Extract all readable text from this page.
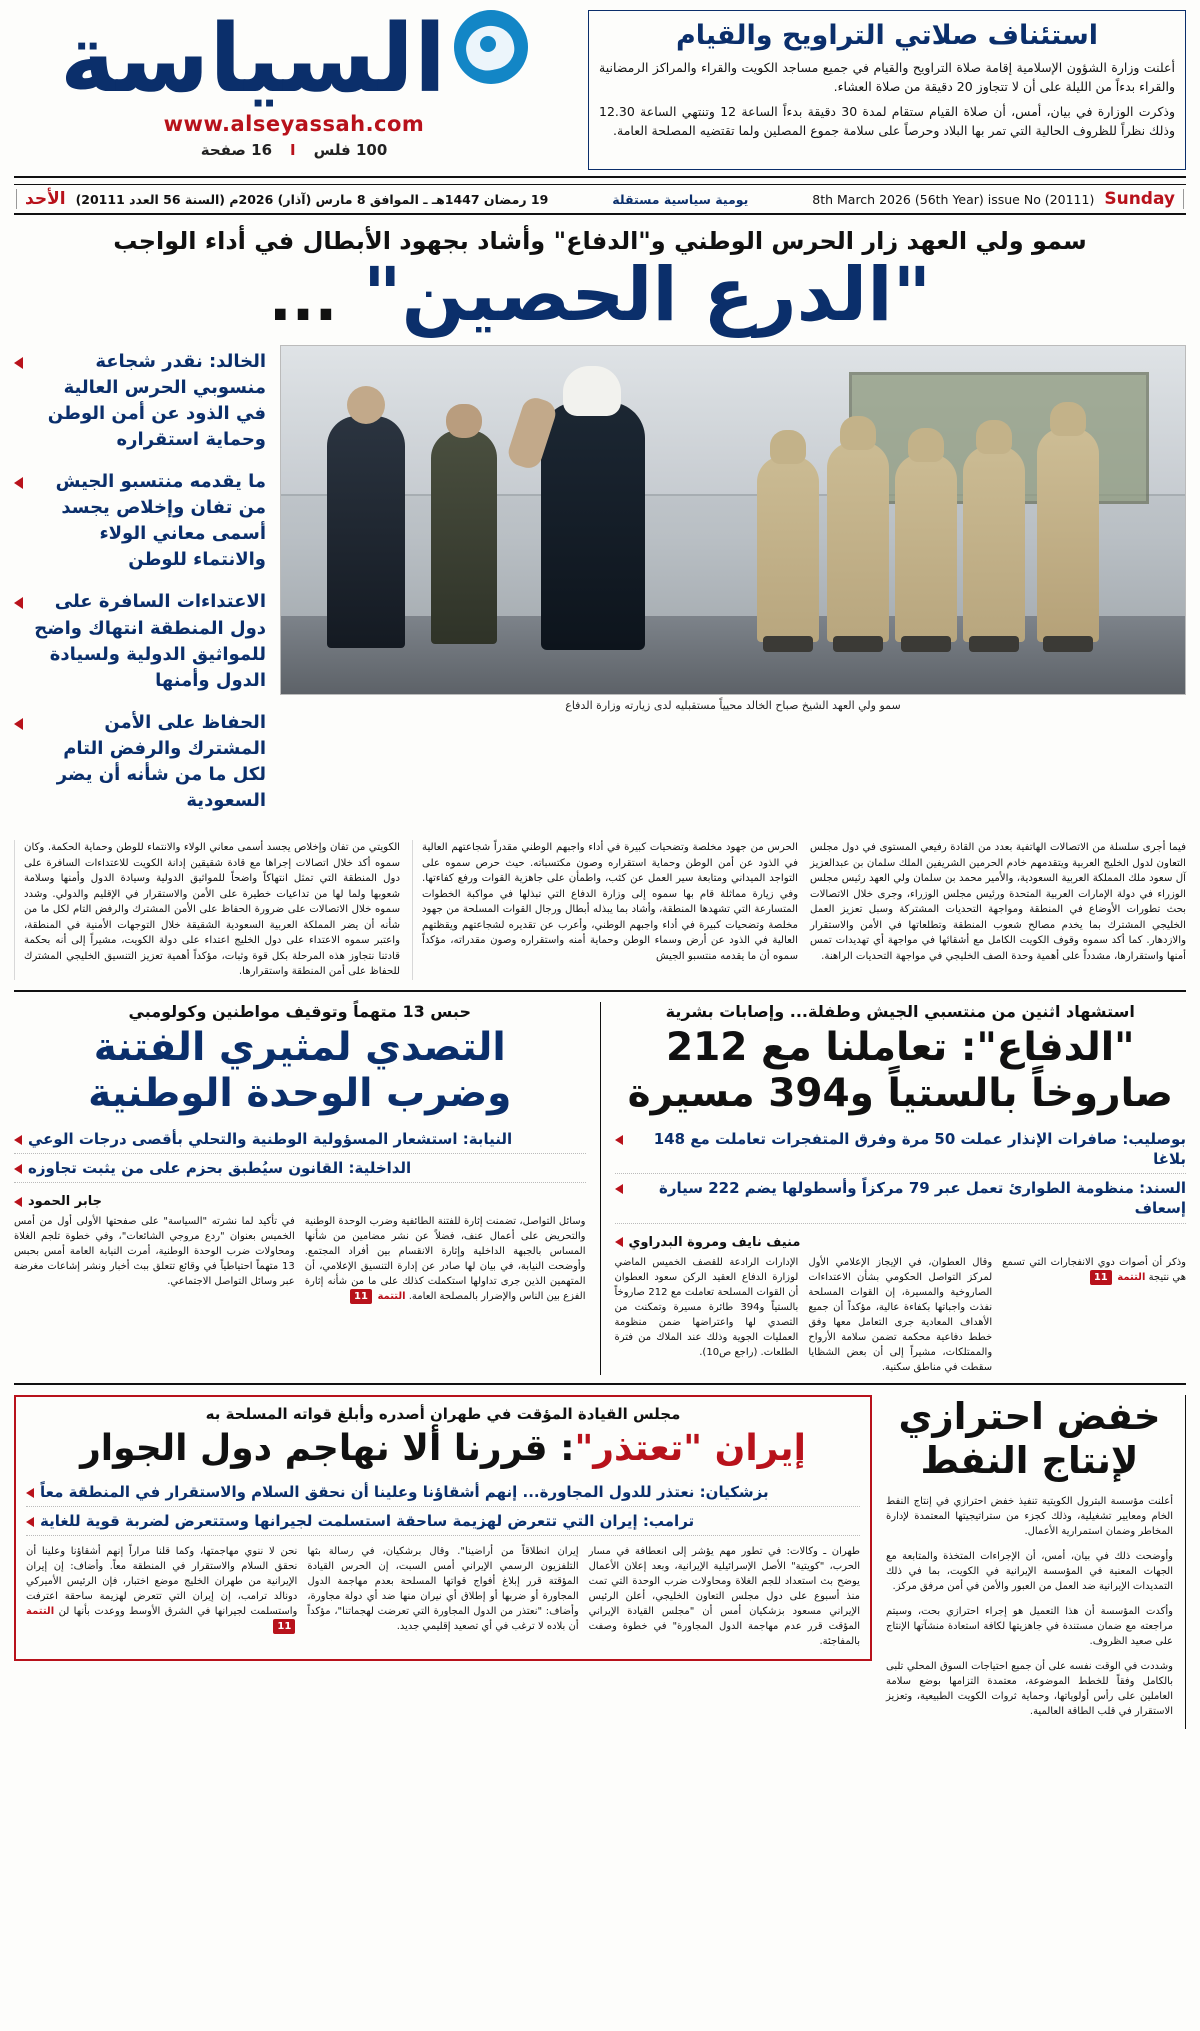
السياسة
www.alseyassah.com
16 صفحة I 100 فلس
استئناف صلاتي التراويح والقيام

أعلنت وزارة الشؤون الإسلامية إقامة صلاة التراويح والقيام في جميع مساجد الكويت والقراء والمراكز الرمضانية والقراء بدءاً من الليلة على أن لا تتجاوز 20 دقيقة من صلاة العشاء.

وذكرت الوزارة في بيان، أمس، أن صلاة القيام ستقام لمدة 30 دقيقة بدءاً الساعة 12 وتنتهي الساعة 12.30 وذلك نظراً للظروف الحالية التي تمر بها البلاد وحرصاً على سلامة جموع المصلين ولما تقتضيه المصلحة العامة.

الأحد 19 رمضان 1447هـ ـ الموافق 8 مارس (آذار) 2026م (السنة 56 العدد 20111)	يومية سياسية مستقلة	8th March 2026 (56th Year) issue No (20111) Sunday
سمو ولي العهد زار الحرس الوطني و"الدفاع" وأشاد بجهود الأبطال في أداء الواجب
"الدرع الحصين" ...
الخالد: نقدر شجاعة منسوبي الحرس العالية في الذود عن أمن الوطن وحماية استقراره
ما يقدمه منتسبو الجيش من تفان وإخلاص يجسد أسمى معاني الولاء والانتماء للوطن
الاعتداءات السافرة على دول المنطقة انتهاك واضح للمواثيق الدولية ولسيادة الدول وأمنها
الحفاظ على الأمن المشترك والرفض التام لكل ما من شأنه أن يضر السعودية
سمو ولي العهد الشيخ صباح الخالد محيياً مستقبليه لدى زيارته وزارة الدفاع
الكويتي من تفان وإخلاص يجسد أسمى معاني الولاء والانتماء للوطن وحماية الحكمة. وكان سموه أكد خلال اتصالات إجراها مع قادة شقيقين إدانة الكويت للاعتداءات السافرة على دول المنطقة التي تمثل انتهاكاً واضحاً للمواثيق الدولية وسيادة الدول وأمنها وسلامة شعوبها ولما لها من تداعيات خطيرة على الأمن والاستقرار في الإقليم والدولي. وشدد سموه خلال الاتصالات على ضرورة الحفاظ على الأمن المشترك والرفض التام لكل ما من شأنه أن يضر المملكة العربية السعودية الشقيقة خلال التوجهات الأمنية في المنطقة، واعتبر سموه الاعتداء على دول الخليج اعتداء على دولة الكويت، مشيراً إلى أنه بحكمة قادتنا نتجاوز هذه المرحلة بكل قوة وثبات، مؤكداً أهمية تعزيز التنسيق الخليجي المشترك للحفاظ على أمن المنطقة واستقرارها.
الحرس من جهود مخلصة وتضحيات كبيرة في أداء واجبهم الوطني مقدراً شجاعتهم العالية في الذود عن أمن الوطن وحماية استقراره وصون مكتسباته. حيث حرص سموه على التواجد الميداني ومتابعة سير العمل عن كثب، واطمأن على جاهزية القوات ورفع كفاءتها. وفي زيارة مماثلة قام بها سموه إلى وزارة الدفاع التي تبذلها في مواكبة الخطوات المتسارعة التي تشهدها المنطقة، وأشاد بما يبذله أبطال ورجال القوات المسلحة من جهود مخلصة وتضحيات كبيرة في أداء واجبهم الوطني، وأعرب عن تقديره لشجاعتهم ويقظتهم العالية في الذود عن أرض وسماء الوطن وحماية أمنه واستقراره وصون مقدراته، مؤكداً سموه أن ما يقدمه منتسبو الجيش
فيما أجرى سلسلة من الاتصالات الهاتفية بعدد من القادة رفيعي المستوى في دول مجلس التعاون لدول الخليج العربية ويتقدمهم خادم الحرمين الشريفين الملك سلمان بن عبدالعزيز آل سعود ملك المملكة العربية السعودية، والأمير محمد بن سلمان ولي العهد رئيس مجلس الوزراء في دولة الإمارات العربية المتحدة ورئيس مجلس الوزراء، وجرى خلال الاتصالات بحث تطورات الأوضاع في المنطقة ومواجهة التحديات المشتركة وسبل تعزيز العمل الخليجي المشترك بما يخدم مصالح شعوب المنطقة وتطلعاتها في الأمن والاستقرار والازدهار. كما أكد سموه وقوف الكويت الكامل مع أشقائها في مواجهة أي تهديدات تمس أمنها واستقرارها، مشدداً على أهمية وحدة الصف الخليجي في مواجهة التحديات الراهنة.
حبس 13 متهماً وتوقيف مواطنين وكولومبي
التصدي لمثيري الفتنة
وضرب الوحدة الوطنية
النيابة: استشعار المسؤولية الوطنية والتحلي بأقصى درجات الوعي
الداخلية: القانون سيُطبق بحزم على من يثبت تجاوزه
جابر الحمود
في تأكيد لما نشرته "السياسة" على صفحتها الأولى أول من أمس الخميس بعنوان "ردع مروجي الشائعات"، وفي خطوة تلجم الغلاة ومحاولات ضرب الوحدة الوطنية، أمرت النيابة العامة أمس بحبس 13 متهماً احتياطياً في وقائع تتعلق ببث أخبار ونشر إشاعات مغرضة عبر وسائل التواصل الاجتماعي.
وسائل التواصل، تضمنت إثارة للفتنة الطائفية وضرب الوحدة الوطنية والتحريض على أعمال عنف، فضلاً عن نشر مضامين من شأنها المساس بالجبهة الداخلية وإثارة الانقسام بين أفراد المجتمع. وأوضحت النيابة، في بيان لها صادر عن إدارة التنسيق الإعلامي، أن المتهمين الذين جرى تداولها استكملت كذلك على ما من شأنه إثارة الفزع بين الناس والإضرار بالمصلحة العامة. التتمة 11
استشهاد اثنين من منتسبي الجيش وطفلة... وإصابات بشرية
"الدفاع": تعاملنا مع 212
صاروخاً بالستياً و394 مسيرة
بوصليب: صافرات الإنذار عملت 50 مرة وفرق المتفجرات تعاملت مع 148 بلاغا
السند: منظومة الطوارئ تعمل عبر 79 مركزاً وأسطولها يضم 222 سيارة إسعاف
منيف نايف ومروة البدراوي
الإدارات الرادعة للقصف الخميس الماضي لوزارة الدفاع العقيد الركن سعود العطوان أن القوات المسلحة تعاملت مع 212 صاروخاً بالستياً و394 طائرة مسيرة وتمكنت من التصدي لها واعتراضها ضمن منظومة العمليات الجوية وذلك عند الملاك من فترة الطلعات. (راجع ص10).
وقال العطوان، في الإيجاز الإعلامي الأول لمركز التواصل الحكومي بشأن الاعتداءات الصاروخية والمسيرة، إن القوات المسلحة نفذت واجباتها بكفاءة عالية، مؤكداً أن جميع الأهداف المعادية جرى التعامل معها وفق خطط دفاعية محكمة تضمن سلامة الأرواح والممتلكات، مشيراً إلى أن بعض الشظايا سقطت في مناطق سكنية.
وذكر أن أصوات دوي الانفجارات التي تسمع هي نتيجة التتمة 11
مجلس القيادة المؤقت في طهران أصدره وأبلغ قواته المسلحة به
إيران "تعتذر": قررنا ألا نهاجم دول الجوار
بزشكيان: نعتذر للدول المجاورة... إنهم أشقاؤنا وعلينا أن نحقق السلام والاستقرار في المنطقة معاً
ترامب: إيران التي تتعرض لهزيمة ساحقة استسلمت لجيرانها وستتعرض لضربة قوية للغاية
نحن لا ننوي مهاجمتها، وكما قلنا مراراً إنهم أشقاؤنا وعلينا أن نحقق السلام والاستقرار في المنطقة معاً. وأضاف: إن إيران الإيرانية من طهران الخليج موضع اختبار، فإن الرئيس الأميركي دونالد ترامب، إن إيران التي تتعرض لهزيمة ساحقة اعترفت واستسلمت لجيرانها في الشرق الأوسط ووعدت بأنها لن التتمة 11
إيران انطلاقاً من أراضينا". وقال برشكيان، في رسالة بثها التلفزيون الرسمي الإيراني أمس السبت، إن الحرس القيادة المؤقتة قرر إبلاغ أفواج قواتها المسلحة بعدم مهاجمة الدول المجاورة أو ضربها أو إطلاق أي نيران منها ضد أي دولة مجاورة، وأضاف: "نعتذر من الدول المجاورة التي تعرضت لهجماتنا"، مؤكداً أن بلاده لا ترغب في أي تصعيد إقليمي جديد.
طهران ـ وكالات: في تطور مهم يؤشر إلى انعطافة في مسار الحرب، "كويتية" الأصل الإسرائيلية الإيرانية، وبعد إعلان الأعمال يوضح بث استعداد للجم الغلاة ومحاولات ضرب الوحدة التي تمت منذ أسبوع على دول مجلس التعاون الخليجي، أعلن الرئيس الإيراني مسعود بزشكيان أمس أن "مجلس القيادة الإيراني المؤقت قرر عدم مهاجمة الدول المجاورة" في خطوة وصفت بالمفاجئة.
خفض احترازي
لإنتاج النفط

أعلنت مؤسسة البترول الكويتية تنفيذ خفض احترازي في إنتاج النفط الخام ومعايير تشغيلية، وذلك كجزء من ستراتيجيتها المعتمدة لإدارة المخاطر وضمان استمرارية الأعمال.

وأوضحت ذلك في بيان، أمس، أن الإجراءات المتخذة والمتابعة مع الجهات المعنية في المؤسسة الإيرانية في الكويت، بما في ذلك التمديدات الإيرانية ضد العمل من العبور والأمن في أمن مرفق مركز.

وأكدت المؤسسة أن هذا التعميل هو إجراء احترازي بحت، وسيتم مراجعته مع ضمان مستندة في جاهزيتها لكافة استعادة منشآتها الإنتاج على صعيد الظروف.

وشددت في الوقت نفسه على أن جميع احتياجات السوق المحلي تلبى بالكامل وفقاً للخطط الموضوعة، معتمدة التزامها بوضع سلامة العاملين على رأس أولوياتها، وحماية ثروات الكويت الطبيعية، وتعزيز الاستقرار في قلب الطاقة العالمية.
